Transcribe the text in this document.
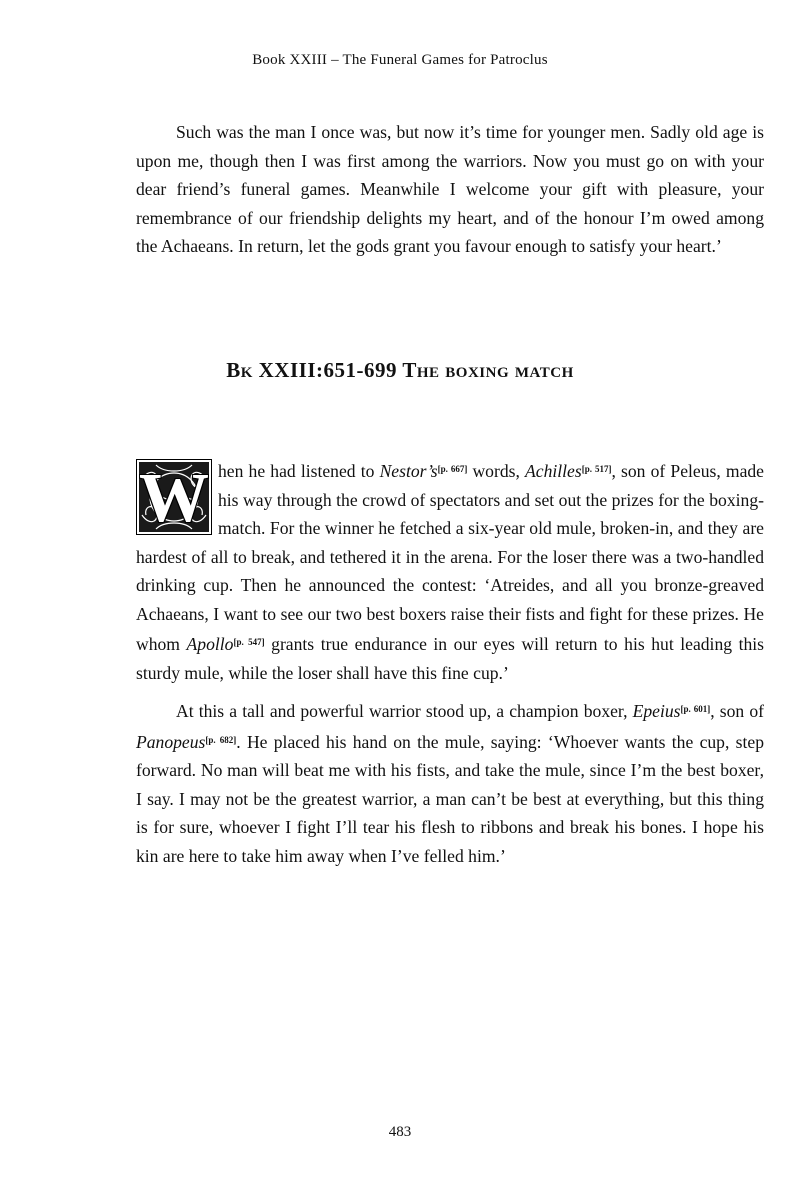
Book XXIII – The Funeral Games for Patroclus

Such was the man I once was, but now it’s time for younger men. Sadly old age is upon me, though then I was first among the warriors. Now you must go on with your dear friend’s funeral games. Meanwhile I welcome your gift with pleasure, your remembrance of our friendship delights my heart, and of the honour I’m owed among the Achaeans. In return, let the gods grant you favour enough to satisfy your heart.’

Bk XXIII:651-699 The boxing match

W hen he had listened to Nestor’s[p. 667] words, Achilles[p. 517], son of Peleus, made his way through the crowd of spectators and set out the prizes for the boxing-match. For the winner he fetched a six-year old mule, broken-in, and they are hardest of all to break, and tethered it in the arena. For the loser there was a two-handled drinking cup. Then he announced the contest: ‘Atreides, and all you bronze-greaved Achaeans, I want to see our two best boxers raise their fists and fight for these prizes. He whom Apollo[p. 547] grants true endurance in our eyes will return to his hut leading this sturdy mule, while the loser shall have this fine cup.’

At this a tall and powerful warrior stood up, a champion boxer, Epeius[p. 601], son of Panopeus[p. 682]. He placed his hand on the mule, saying: ‘Whoever wants the cup, step forward. No man will beat me with his fists, and take the mule, since I’m the best boxer, I say. I may not be the greatest warrior, a man can’t be best at everything, but this thing is for sure, whoever I fight I’ll tear his flesh to ribbons and break his bones. I hope his kin are here to take him away when I’ve felled him.’

483
